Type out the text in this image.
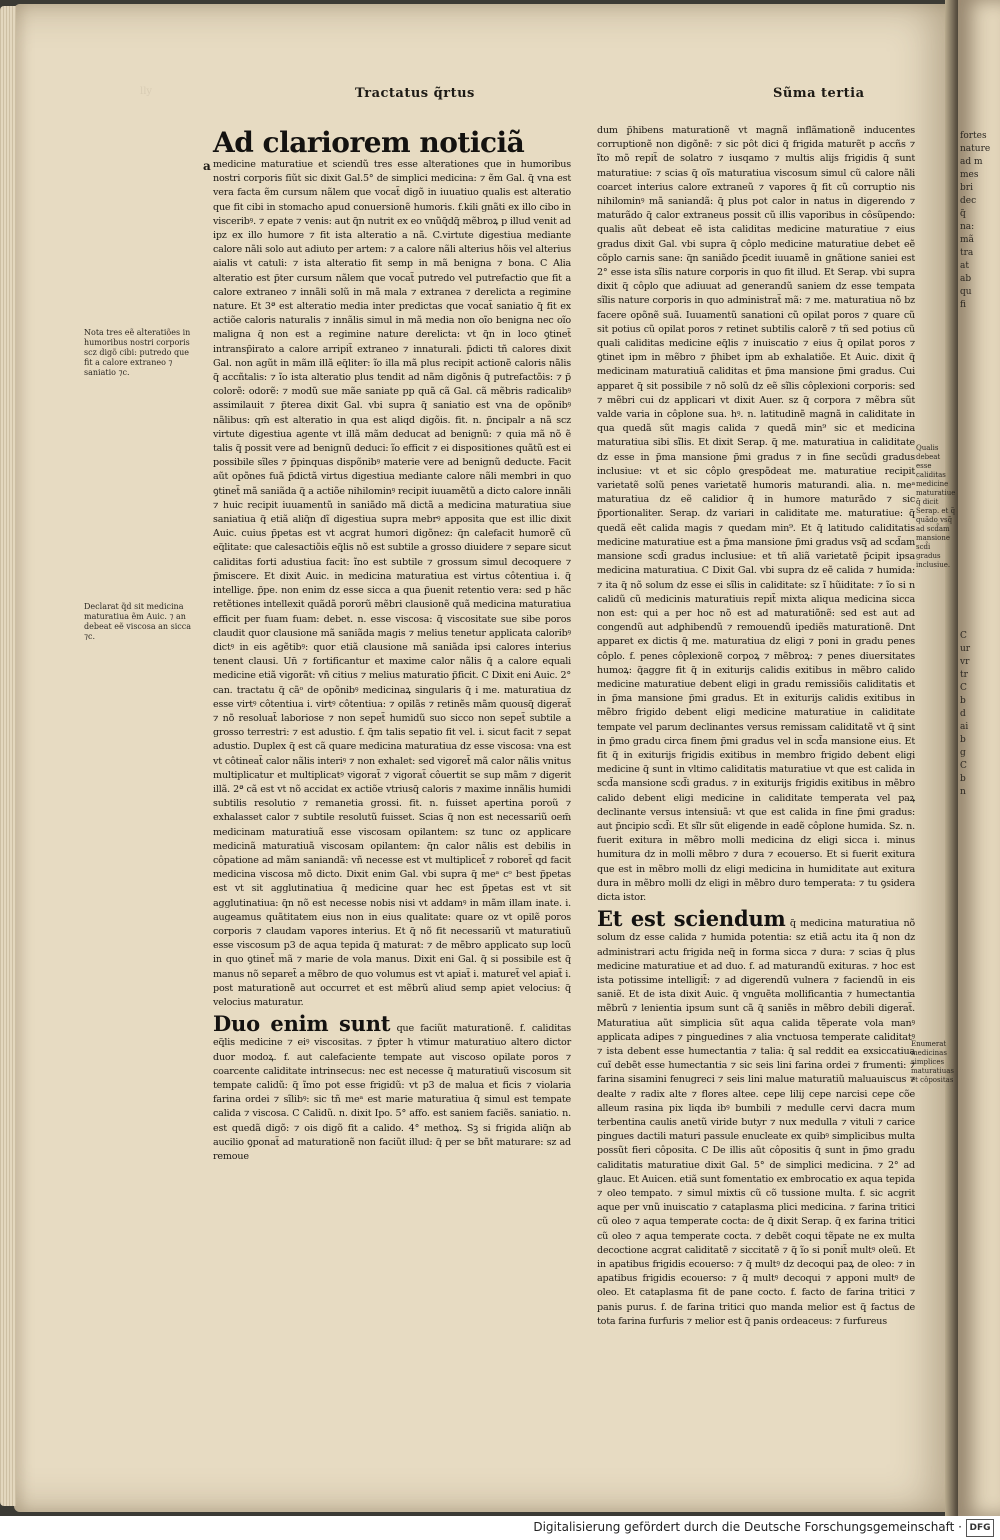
lly	Tractatus q̃rtus	Sũma tertia
a
Ad clariorem noticiã

medicine maturatiue et sciendũ tres esse alterationes que in humoribus nostri corporis fiũt sic dixit Gal.5° de simplici medicina: ⁊ ẽm Gal. q̃ vna est vera facta ẽm cursum nãlem que vocat̃ digõ in iuuatiuo qualis est alteratio que fit cibi in stomacho apud conuersionẽ humoris. f.kili gnãti ex illo cibo in visceribꝰ. ⁊ epate ⁊ venis: aut q̃n nutrit ex eo vnũq̃dq̃ mẽbroꝝ p illud venit ad ipz ex illo humore ⁊ fit ista alteratio a nã. C.virtute digestiua mediante calore nãli solo aut adiuto per artem: ⁊ a calore nãli alterius hõis vel alterius aialis vt catuli: ⁊ ista alteratio fit semp in mã benigna ⁊ bona. C Alia alteratio est p̃ter cursum nãlem que vocat̃ putredo vel putrefactio que fit a calore extraneo ⁊ innãli solũ in mã mala ⁊ extranea ⁊ derelicta a regimine nature. Et 3ª est alteratio media inter predictas que vocat̃ saniatio q̃ fit ex actiõe caloris naturalis ⁊ innãlis simul in mã media non oĩo benigna nec oĩo maligna q̃ non est a regimine nature derelicta: vt q̃n in loco ꝯtinet̃ intransp̃irato a calore arripit̃ extraneo ⁊ innaturali. p̃dicti tñ calores dixit Gal. non agũt in mãm illã eq̃liter: ĩo illa mã plus recipit actionẽ caloris nãlis q̃ accñtalis: ⁊ ĩo ista alteratio plus tendit ad nãm digõnis q̃ putrefactõis: ⁊ p̃ colorẽ: odorẽ: ⁊ modũ sue mãe saniate pp quã cã Gal. cã mẽbris radicalibꝰ assimilauit ⁊ p̃terea dixit Gal. vbi supra q̃ saniatio est vna de opõnibꝰ nãlibus: qm̃ est alteratio in qua est aliqd digõis. fit. n. p̃ncipalr a nã scz virtute digestiua agente vt illã mãm deducat ad benignũ: ⁊ quia mã nõ ẽ talis q̃ possit vere ad benignũ deduci: ĩo efficit ⁊ ei dispositiones quãtũ est ei possibile sĩles ⁊ p̃pinquas dispõnibꝰ materie vere ad benignũ deducte. Facit aũt opõnes fuã p̃dictã virtus digestiua mediante calore nãli membri in quo ꝯtinet̃ mã saniãda q̃ a actiõe nihilominꝰ recipit iuuamẽtũ a dicto calore innãli ⁊ huic recipit iuuamentũ in saniãdo mã dictã a medicina maturatiua siue saniatiua q̃ etiã aliq̃n dĩ digestiua supra mebrꝰ apposita que est illic dixit Auic. cuius p̃petas est vt acgrat humori digõnez: q̃n calefacit humorẽ cũ eq̃litate: que calesactiõis eq̃lis nõ est subtile a grosso diuidere ⁊ separe sicut caliditas forti adustiua facit: ĩno est subtile ⁊ grossum simul decoquere ⁊ p̃miscere. Et dixit Auic. in medicina maturatiua est virtus côtentiua i. q̃ intellige. p̃pe. non enim dz esse sicca a qua p̃uenit retentio vera: sed p hãc retẽtiones intellexit quãdã pororũ mẽbri clausionẽ quã medicina maturatiua efficit per fuam fuam: debet. n. esse viscosa: q̃ viscositate sue sibe poros claudit quor clausione mã saniãda magis ⁊ melius tenetur applicata caloribꝰ dictꝰ in eis agẽtibꝰ: quor etiã clausione mã saniãda ipsi calores interius tenent clausi. Un̄ ⁊ fortificantur et maxime calor nãlis q̃ a calore equali medicine etiã vigorãt: vñ citius ⁊ melius maturatio p̃ficit. C Dixit eni Auic. 2° can. tractatu q̃ cãᵒ de opõnibꝰ medicinaꝝ singularis q̃ i me. maturatiua dz esse virtꝰ côtentiua i. virtꝰ côtentiua: ⁊ opilãs ⁊ retinẽs mãm quousq̃ digerat̃ ⁊ nõ resoluat̃ laboriose ⁊ non sepet̃ humidũ suo sicco non sepet̃ subtile a grosso terrestri: ⁊ est adustio. f. q̃m talis sepatio fit vel. i. sicut facit ⁊ sepat adustio. Duplex q̃ est cã quare medicina maturatiua dz esse viscosa: vna est vt côtineat̃ calor nãlis interiꝰ ⁊ non exhalet: sed vigoret̃ mã calor nãlis vnitus multiplicatur et multiplicatꝰ vigorat̃ ⁊ vigorat̃ côuertit se sup mãm ⁊ digerit illã. 2ª cã est vt nõ accidat ex actiõe vtriusq̃ caloris ⁊ maxime innãlis humidi subtilis resolutio ⁊ remanetia grossi. fit. n. fuisset apertina poroũ ⁊ exhalasset calor ⁊ subtile resolutũ fuisset. Scias q̃ non est necessariũ oem̃ medicinam maturatiuã esse viscosam opilantem: sz tunc oz applicare medicinã maturatiuã viscosam opilantem: q̃n calor nãlis est debilis in côpatione ad mãm saniandã: vñ necesse est vt multiplicet̃ ⁊ roboret̃ qd facit medicina viscosa mõ dicto. Dixit enim Gal. vbi supra q̃ meᵃ cᵒ best p̃petas est vt sit agglutinatiua q̃ medicine quar hec est p̃petas est vt sit agglutinatiua: q̃n nõ est necesse nobis nisi vt addamꝰ in mãm illam inate. i. augeamus quãtitatem eius non in eius qualitate: quare oz vt opilẽ poros corporis ⁊ claudam vapores interius. Et q̃ nõ fit necessariũ vt maturatiuũ esse viscosum p3 de aqua tepida q̃ maturat: ⁊ de mẽbro applicato sup locũ in quo ꝯtinet̃ mã ⁊ marie de vola manus. Dixit eni Gal. q̃ si possibile est q̃ manus nõ separet̃ a mẽbro de quo volumus est vt apiat̃ i. maturet̃ vel apiat̃ i. post maturationẽ aut occurret et est mẽbrũ aliud semp apiet velocius: q̃ velocius maturatur.

Duo enim sunt que faciũt maturationẽ. f. caliditas eq̃lis medicine ⁊ eiꝰ viscositas. ⁊ p̃pter h vtimur maturatiuo altero dictor duor modoꝝ. f. aut calefaciente tempate aut viscoso opilate poros ⁊ coarcente caliditate intrinsecus: nec est necesse q̃ maturatiuũ viscosum sit tempate calidũ: q̃ ĩmo pot esse frigidũ: vt p3 de malua et ficis ⁊ violaria farina ordei ⁊ sĩlibꝰ: sic tñ meᵃ est marie maturatiua q̃ simul est tempate calida ⁊ viscosa. C Calidũ. n. dixit Ipo. 5° affo. est saniem faciẽs. saniatio. n. est quedã digõ: ⁊ ois digõ fit a calido. 4° methoꝝ. Sꝫ si frigida aliq̃n ab aucilio ꝯponat̃ ad maturationẽ non faciũt illud: q̃ per se bñt maturare: sz ad remoue

dum p̃hibens maturationẽ vt magnã inflãmationẽ inducentes corruptionẽ non digõnẽ: ⁊ sic pôt dici q̃ frigida maturẽt p accñs ⁊ ĩto mõ repit̃ de solatro ⁊ iusqamo ⁊ multis alijs frigidis q̃ sunt maturatiue: ⁊ scias q̃ oĩs maturatiua viscosum simul cũ calore nãli coarcet interius calore extraneũ ⁊ vapores q̃ fit cũ corruptio nis nihilominꝰ mã saniandã: q̃ plus pot calor in natus in digerendo ⁊ maturãdo q̃ calor extraneus possit cũ illis vaporibus in côsũpendo: qualis aũt debeat eẽ ista caliditas medicine maturatiue ⁊ eius gradus dixit Gal. vbi supra q̃ côplo medicine maturatiue debet eẽ cõplo carnis sane: q̃n saniãdo p̃cedit iuuamẽ in gnãtione saniei est 2° esse ista sĩlis nature corporis in quo fit illud. Et Serap. vbi supra dixit q̃ côplo que adiuuat ad generandũ saniem dz esse tempata sĩlis nature corporis in quo administrat̃ mã: ⁊ me. maturatiua nõ bz facere opõnẽ suã. Iuuamentũ sanationi cũ opilat poros ⁊ quare cũ sit potius cũ opilat poros ⁊ retinet subtilis calorẽ ⁊ tñ sed potius cũ quali caliditas medicine eq̃lis ⁊ inuiscatio ⁊ eius q̃ opilat poros ⁊ ꝯtinet ipm in mẽbro ⁊ p̃hibet ipm ab exhalatiõe. Et Auic. dixit q̃ medicinam maturatiuã caliditas et p̃ma mansione p̃mi gradus. Cui apparet q̃ sit possibile ⁊ nõ solũ dz eẽ sĩlis côplexioni corporis: sed ⁊ mẽbri cui dz applicari vt dixit Auer. sz q̃ corpora ⁊ mẽbra sũt valde varia in côplone sua. hꝰ. n. latitudinẽ magnã in caliditate in qua quedã sũt magis calida ⁊ quedã min⁹ sic et medicina maturatiua sibi sĩlis. Et dixit Serap. q̃ me. maturatiua in caliditate dz esse in p̃ma mansione p̃mi gradus ⁊ in fine secũdi gradus inclusiue: vt et sic côplo ꝯrespõdeat me. maturatiue recipit varietatẽ solũ penes varietatẽ humoris maturandi. alia. n. meᵃ maturatiua dz eẽ calidior q̃ in humore maturãdo ⁊ sic p̃portionaliter. Serap. dz variari in caliditate me. maturatiue: q̃ quedã eẽt calida magis ⁊ quedam min⁹. Et q̃ latitudo caliditatis medicine maturatiue est a p̃ma mansione p̃mi gradus vsq̃ ad scd̃am mansione scd̃i gradus inclusiue: et tñ aliã varietatẽ p̃cipit ipsa medicina maturatiua. C Dixit Gal. vbi supra dz eẽ calida ⁊ humida: ⁊ ita q̃ nõ solum dz esse ei sĩlis in caliditate: sz ĩ hũiditate: ⁊ ĩo si n calidũ cũ medicinis maturatiuis repit̃ mixta aliqua medicina sicca non est: qui a per hoc nõ est ad maturatiõnẽ: sed est aut ad congendũ aut adꝑhibendũ ⁊ remouendũ ipediẽs maturationẽ. Dnt apparet ex dictis q̃ me. maturatiua dz eligi ⁊ poni in gradu penes côplo. f. penes côplexionẽ corpoꝝ ⁊ mẽbroꝝ: ⁊ penes diuersitates humoꝝ: q̃aggre fit q̃ in exiturijs calidis exitibus in mẽbro calido medicine maturatiue debent eligi in gradu remissiõis caliditatis et in p̃ma mansione p̃mi gradus. Et in exiturijs calidis exitibus in mẽbro frigido debent eligi medicine maturatiue in caliditate tempate vel parum declinantes versus remissam caliditatẽ vt q̃ sint in p̃mo gradu circa finem p̃mi gradus vel in scd̃a mansione eius. Et fit q̃ in exiturijs frigidis exitibus in membro frigido debent eligi medicine q̃ sunt in vltimo caliditatis maturatiue vt que est calida in scd̃a mansione scd̃i gradus. ⁊ in exiturijs frigidis exitibus in mẽbro calido debent eligi medicine in caliditate temperata vel paꝝ declinante versus intensiuã: vt que est calida in fine p̃mi gradus: aut p̃ncipio scd̃i. Et sĩlr sũt eligende in eadẽ côplone humida. Sz. n. fuerit exitura in mẽbro molli medicina dz eligi sicca i. minus humitura dz in molli mẽbro ⁊ dura ⁊ ecouerso. Et si fuerit exitura que est in mẽbro molli dz eligi medicina in humiditate aut exitura dura in mẽbro molli dz eligi in mẽbro duro temperata: ⁊ tu ꝯsidera dicta istor.

Et est sciendum q̃ medicina maturatiua nõ solum dz esse calida ⁊ humida potentia: sz etiã actu ita q̃ non dz administrari actu frigida neq̃ in forma sicca ⁊ dura: ⁊ scias q̃ plus medicine maturatiue et ad duo. f. ad maturandũ exituras. ⁊ hoc est ista potissime intelligit̃: ⁊ ad digerendũ vulnera ⁊ faciendũ in eis saniẽ. Et de ista dixit Auic. q̃ vnguẽta mollificantia ⁊ humectantia mẽbrũ ⁊ lenientia ipsum sunt cã q̃ saniẽs in mẽbro debili digerat̃. Maturatiua aũt simplicia sũt aqua calida tẽperate vola manꝰ applicata adipes ⁊ pinguedines ⁊ alia vnctuosa temperate caliditatꝰ ⁊ ista debent esse humectantia ⁊ talia: q̃ sal reddit ea exsiccatiua cuĩ debẽt esse humectantia ⁊ sic seis lini farina ordei ⁊ frumenti: ⁊ farina sisamini fenugreci ⁊ seis lini malue maturatiũ maluauiscus ⁊ dealte ⁊ radix alte ⁊ flores altee. cepe lilij cepe narcisi cepe cõe alleum rasina pix liqda ibꝰ bumbili ⁊ medulle cervi dacra mum terbentina caulis anetũ viride butyr ⁊ nux medulla ⁊ vituli ⁊ carice pingues dactili maturi passule enucleate ex quibꝰ simplicibus multa possũt fieri côposita. C De illis aũt côpositis q̃ sunt in p̃mo gradu caliditatis maturatiue dixit Gal. 5° de simplici medicina. ⁊ 2° ad glauc. Et Auicen. etiã sunt fomentatio ex embrocatio ex aqua tepida ⁊ oleo tempato. ⁊ simul mixtis cũ cõ tussione multa. f. sic acgrit aque per vnũ inuiscatio ⁊ cataplasma plici medicina. ⁊ farina tritici cũ oleo ⁊ aqua temperate cocta: de q̃ dixit Serap. q̃ ex farina tritici cũ oleo ⁊ aqua temperate cocta. ⁊ debẽt coqui tẽpate ne ex multa decoctione acgrat caliditatẽ ⁊ siccitatẽ ⁊ q̃ ĩo si ponit̃ multꝰ oleũ. Et in apatibus frigidis ecouerso: ⁊ q̃ multꝰ dz decoqui paꝝ de oleo: ⁊ in apatibus frigidis ecouerso: ⁊ q̃ multꝰ decoqui ⁊ apponi multꝰ de oleo. Et cataplasma fit de pane cocto. f. facto de farina tritici ⁊ panis purus. f. de farina tritici quo manda melior est q̃ factus de tota farina furfuris ⁊ melior est q̃ panis ordeaceus: ⁊ furfureus

Nota tres eẽ alteratiões in humoribus nostri corporis scz digõ cibi: putredo que fit a calore extraneo ⁊ saniatio ⁊c.
Declarat q̃d sit medicina maturatiua ẽm Auic. ⁊ an debeat eẽ viscosa an sicca ⁊c.
Qualis debeat esse caliditas medicine maturatiue q̃ dicit Serap. et q̃ quãdo vsq̃ ad scd̃am mansione scd̃i gradus inclusiue.
Enumerat medicinas simplices maturatiuas et côpositas
fortes
nature
ad m
mes
bri
dec
q̃
na:
mã
tra
at
ab
qu
fi
C
ur
vr
tr
C
b
d
ai
b
g
C
b
n
Digitalisierung gefördert durch die Deutsche Forschungsgemeinschaft · DFG
